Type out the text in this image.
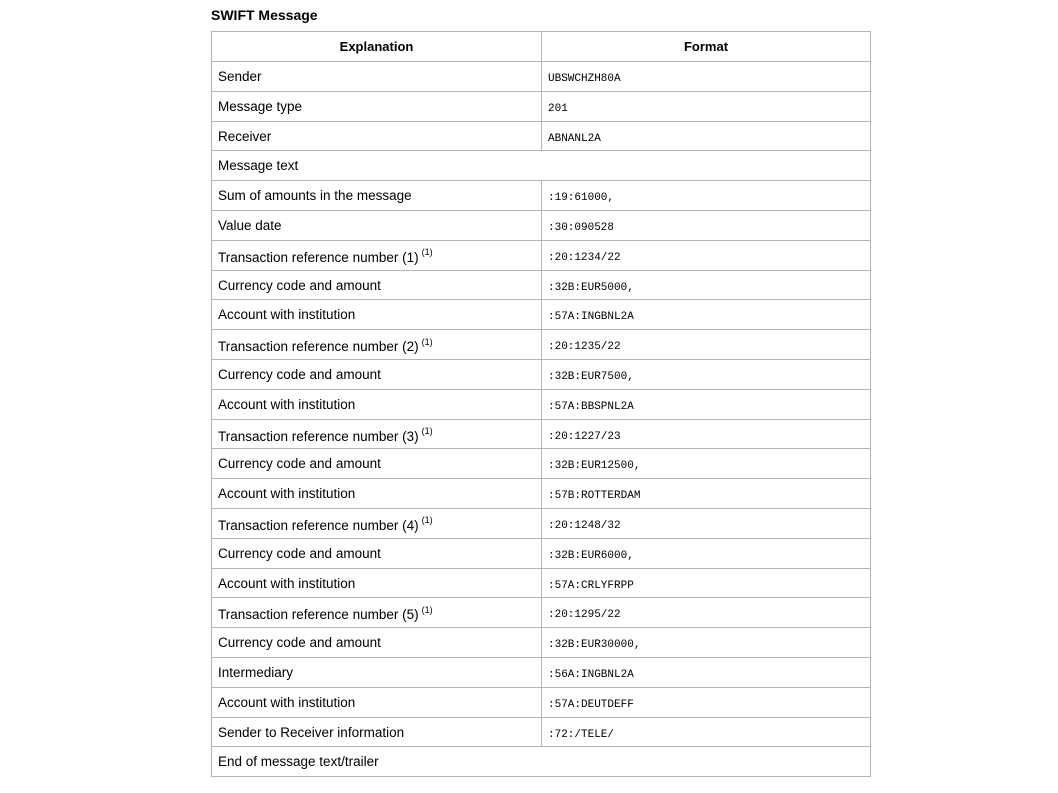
SWIFT Message
Explanation	Format

Sender	UBSWCHZH80A

Message type	201

Receiver	ABNANL2A

Message text	

Sum of amounts in the message	:19:61000,

Value date	:30:090528

Transaction reference number (1) $^{(1)}$	:20:1234/22

Currency code and amount	:32B:EUR5000,

Account with institution	:57A:INGBNL2A

Transaction reference number (2) $^{(1)}$	:20:1235/22

Currency code and amount	:32B:EUR7500,

Account with institution	:57A:BBSPNL2A

Transaction reference number (3) $^{(1)}$	:20:1227/23

Currency code and amount	:32B:EUR12500,

Account with institution	:57B:ROTTERDAM

Transaction reference number (4) $^{(1)}$	:20:1248/32

Currency code and amount	:32B:EUR6000,

Account with institution	:57A:CRLYFRPP

Transaction reference number (5) $^{(1)}$	:20:1295/22

Currency code and amount	:32B:EUR30000,

Intermediary	:56A:INGBNL2A

Account with institution	:57A:DEUTDEFF

Sender to Receiver information	:72:/TELE/

End of message text/trailer	
